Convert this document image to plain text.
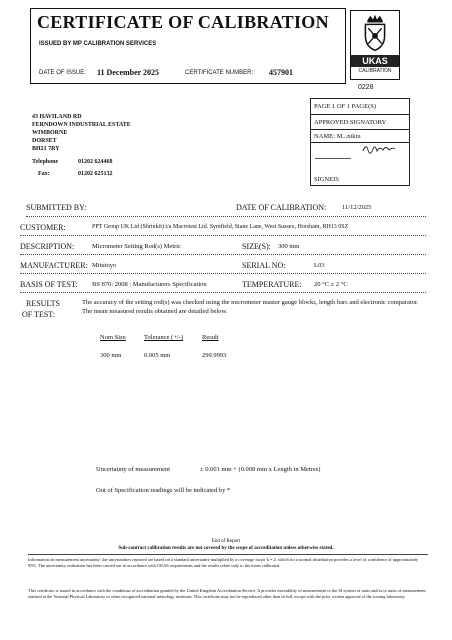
CERTIFICATE OF CALIBRATION
ISSUED BY MP CALIBRATION SERVICES
DATE OF ISSUE: 11 December 2025	CERTIFICATE NUMBER: 457901
UKAS
CALIBRATION
0228
43 HAVILAND RD
FERNDOWN INDUSTRIAL ESTATE
WIMBORNE
DORSET
BH21 7RY
Telephone	01202 624468
Fax:	01202 625132
PAGE 1 OF 1 PAGE(S)
APPROVED SIGNATORY
NAME: M...nikiu
SIGNED:
SUBMITTED BY:	DATE OF CALIBRATION: 11/12/2025
CUSTOMER:	PPT Group UK Ltd (Shrinkit) t/a Macrotest Ltd. Symfield, Stane Lane, West Sussex, Horsham, RH13 0SZ
DESCRIPTION:	Micrometer Setting Rod(s) Metric	SIZE(S): 300 mm
MANUFACTURER: Mitutoyo	SERIAL NO:	L03
BASIS OF TEST: BS 870: 2008 : Manufacturers Specification	TEMPERATURE: 20 °C ± 2 °C
RESULTS
OF TEST:
The accuracy of the setting rod(s) was checked using the micrometer master gauge blocks, length bars and electronic comparator. The mean measured results obtained are detailed below.
Nom Size	Tolerance (+/-)	Result
300 mm	0.005 mm	299.9993
Uncertainty of measurement	± 0.001 mm + (0.008 mm x Length in Metres)
Out of Specification readings will be indicated by *
End of Report
Sub-contract calibration results are not covered by the scope of accreditation unless otherwise stated.
Information on measurement uncertainty: the uncertainties reported are based on a standard uncertainty multiplied by a coverage factor k = 2, which for a normal distribution provides a level of confidence of approximately 95%. The uncertainty evaluation has been carried out in accordance with UKAS requirements and the results relate only to the items calibrated.
This certificate is issued in accordance with the conditions of accreditation granted by the United Kingdom Accreditation Service. It provides traceability of measurement to the SI system of units and/or to units of measurement realised at the National Physical Laboratory or other recognised national metrology institutes. This certificate may not be reproduced other than in full, except with the prior written approval of the issuing laboratory.
